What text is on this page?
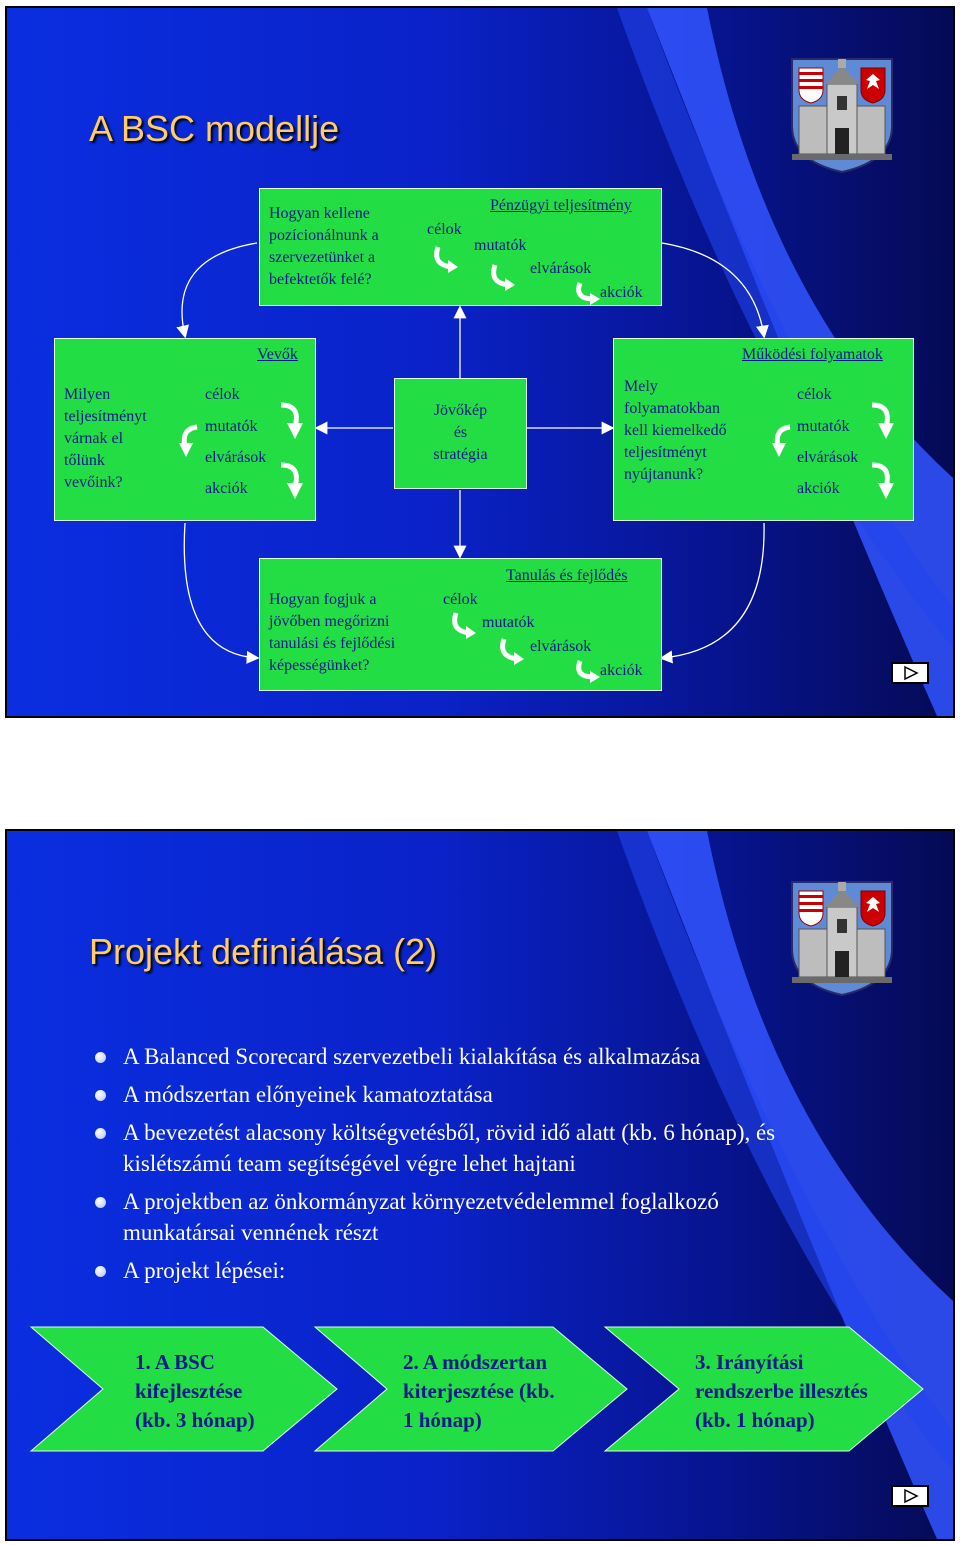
A BSC modellje
Pénzügyi teljesítmény
Hogyan kellene
pozícionálnunk a
szervezetünket a
befektetők felé?
célok
mutatók
elvárások
akciók
Vevők
Milyen
teljesítményt
várnak el
tőlünk
vevőink?
célok
mutatók
elvárások
akciók
Jövőkép
és
stratégia
Működési folyamatok
Mely
folyamatokban
kell kiemelkedő
teljesítményt
nyújtanunk?
célok
mutatók
elvárások
akciók
Tanulás és fejlődés
Hogyan fogjuk a
jövőben megőrizni
tanulási és fejlődési
képességünket?
célok
mutatók
elvárások
akciók
Projekt definiálása (2)
A Balanced Scorecard szervezetbeli kialakítása és alkalmazása
A módszertan előnyeinek kamatoztatása
A bevezetést alacsony költségvetésből, rövid idő alatt (kb. 6 hónap), és
kislétszámú team segítségével végre lehet hajtani
A projektben az önkormányzat környezetvédelemmel foglalkozó
munkatársai vennének részt
A projekt lépései:
1. A BSC
kifejlesztése
(kb. 3 hónap)
2. A módszertan
kiterjesztése (kb.
1 hónap)
3. Irányítási
rendszerbe illesztés
(kb. 1 hónap)
